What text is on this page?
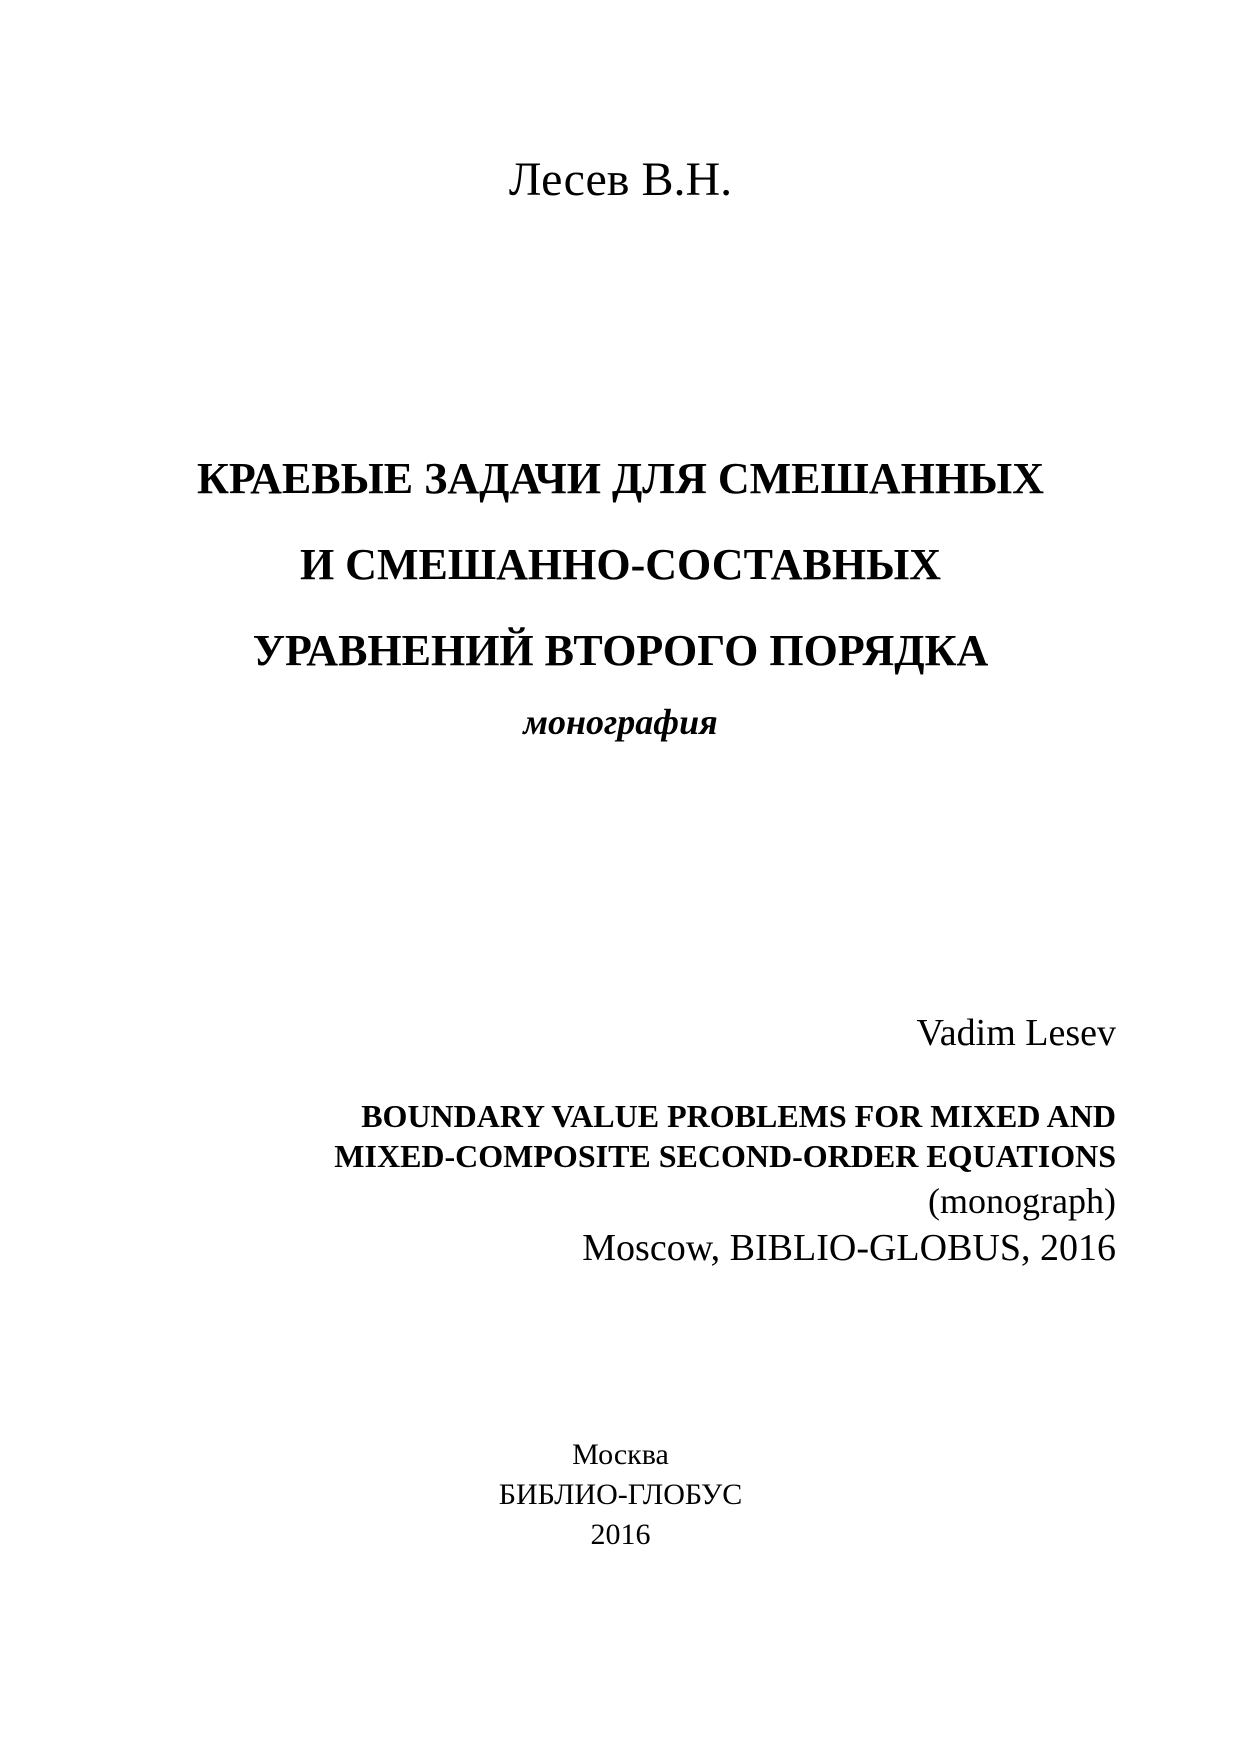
Лесев В.Н.
КРАЕВЫЕ ЗАДАЧИ ДЛЯ СМЕШАННЫХ
И СМЕШАННО-СОСТАВНЫХ
УРАВНЕНИЙ ВТОРОГО ПОРЯДКА
монография
Vadim Lesev
BOUNDARY VALUE PROBLEMS FOR MIXED AND
MIXED-COMPOSITE SECOND-ORDER EQUATIONS
(monograph)
Moscow, BIBLIO-GLOBUS, 2016
Москва
БИБЛИО-ГЛОБУС
2016
